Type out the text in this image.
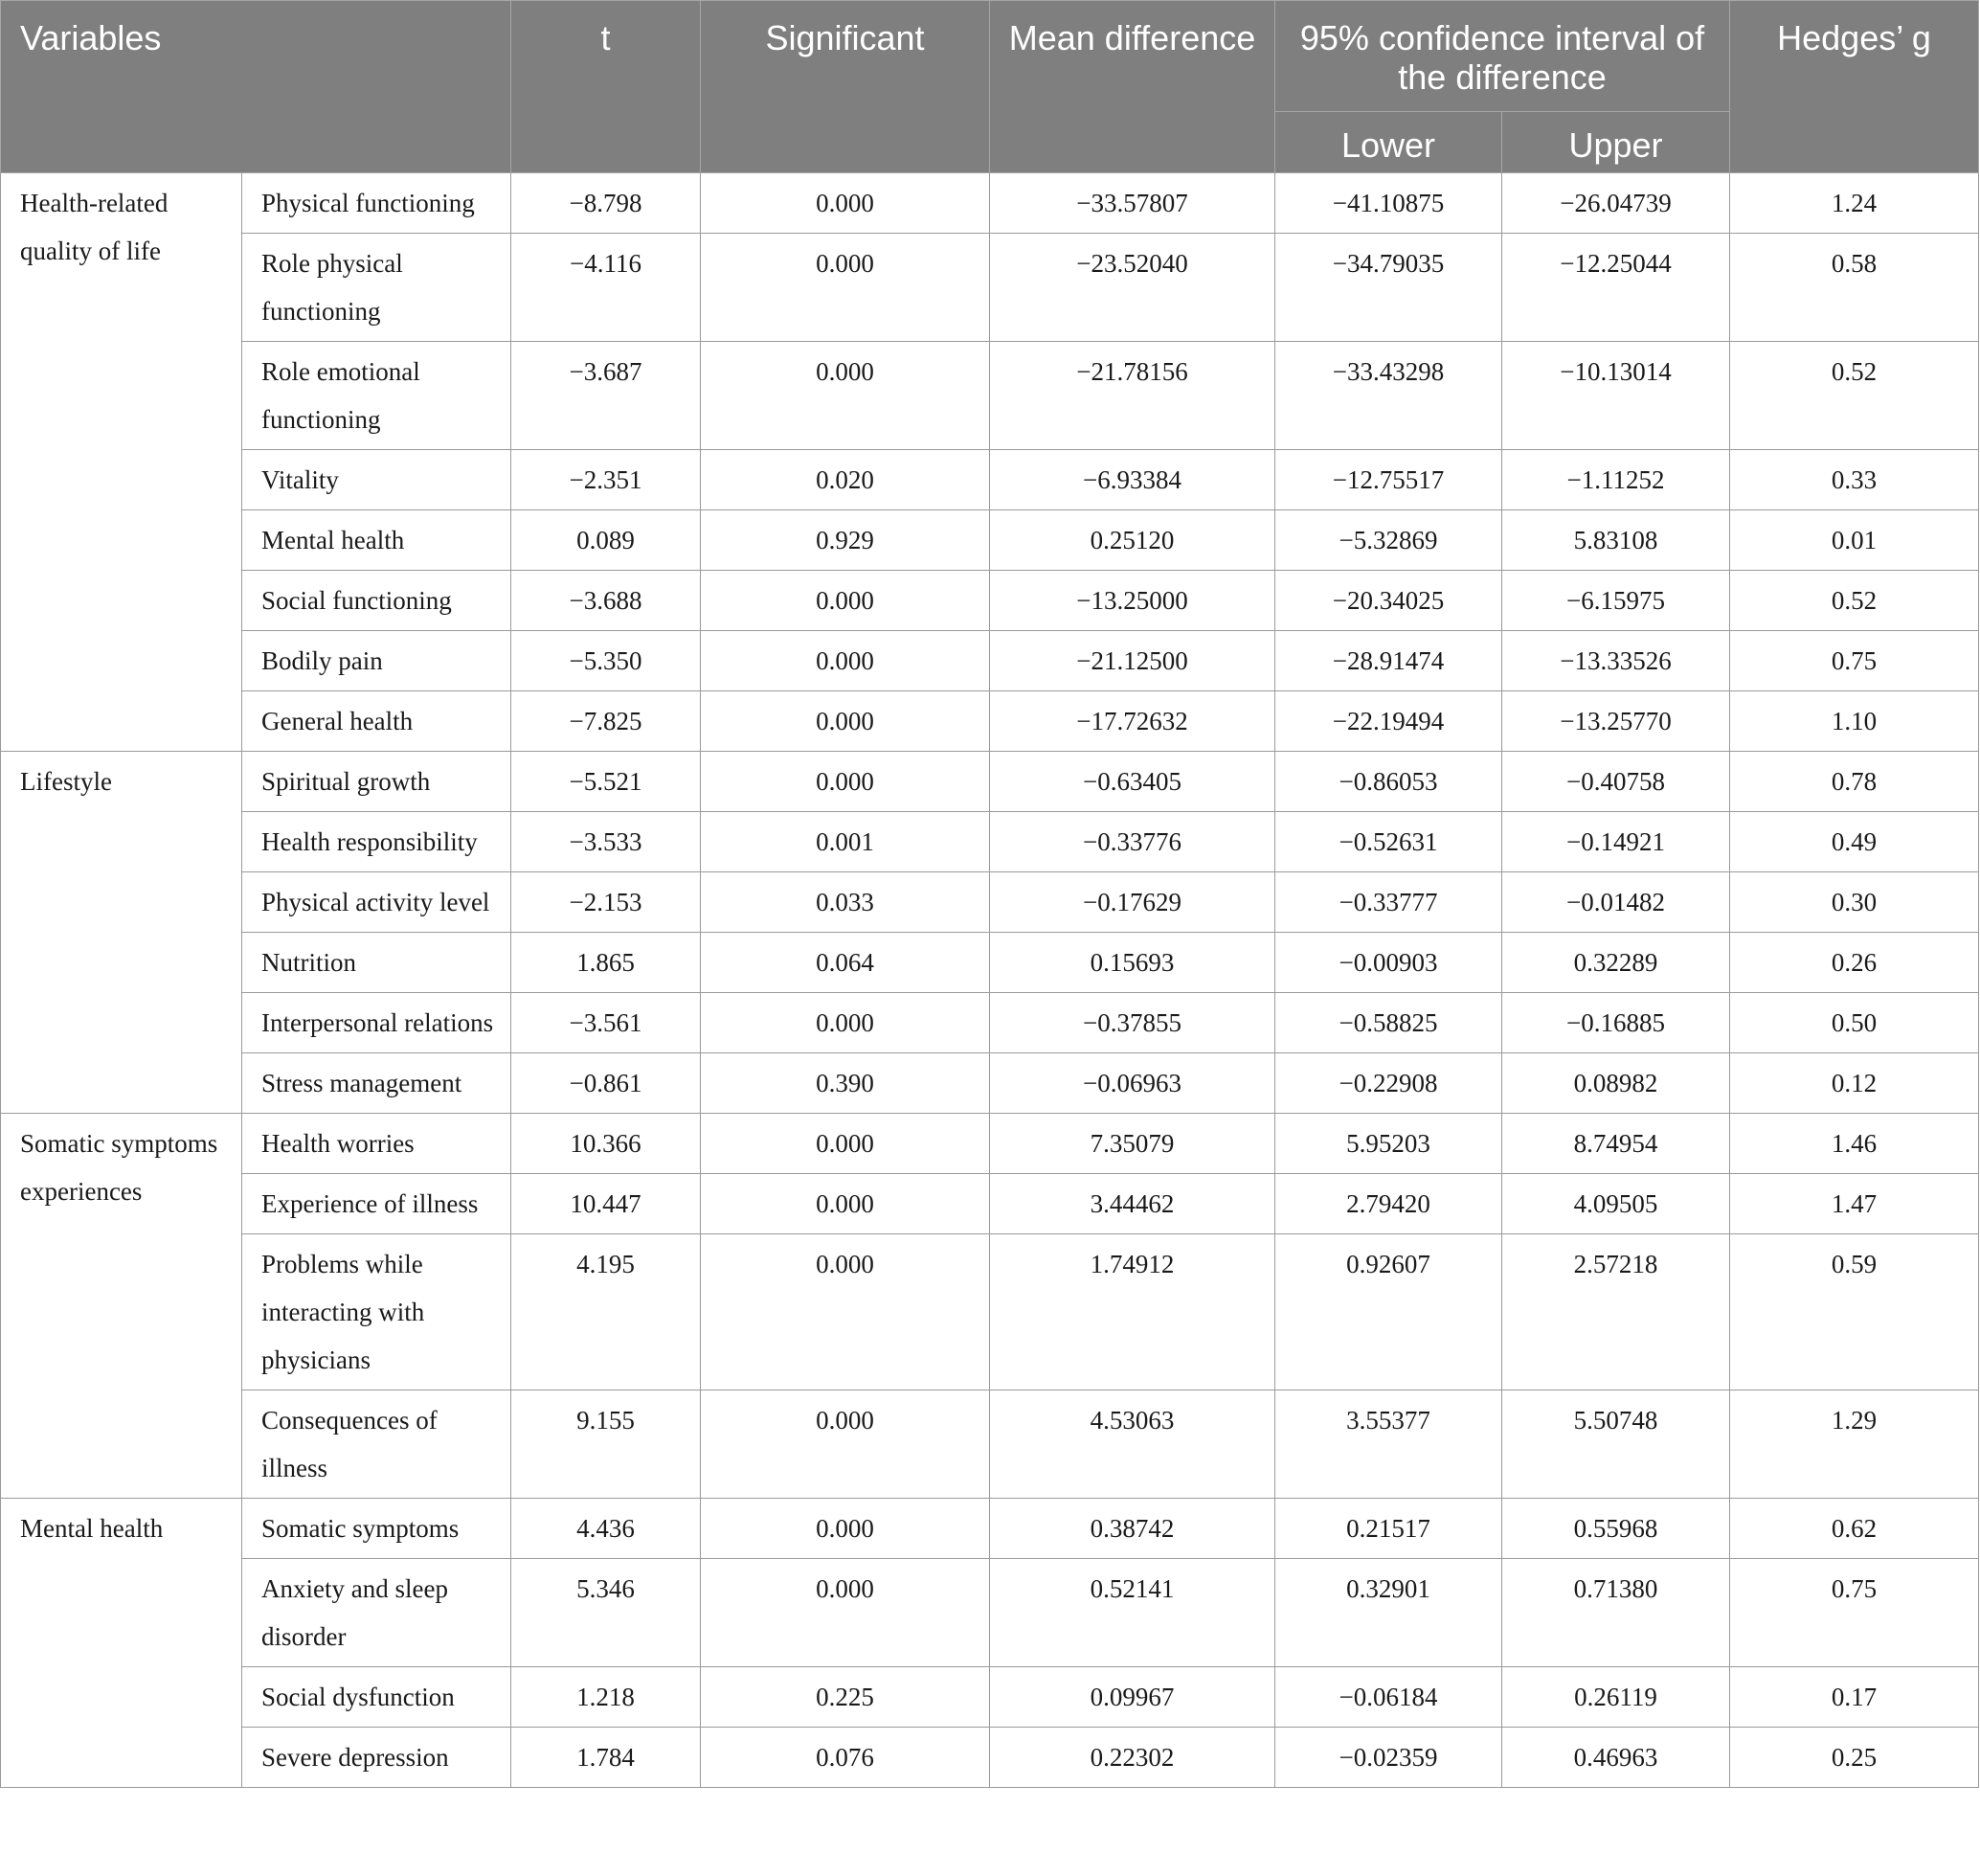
Variables		t	Significant	Mean difference	95% confidence interval of the difference		Hedges’ g
					Lower	Upper	
Health-related quality of life	Physical functioning	−8.798	0.000	−33.57807	−41.10875	−26.04739	1.24
	Role physical functioning	−4.116	0.000	−23.52040	−34.79035	−12.25044	0.58
	Role emotional functioning	−3.687	0.000	−21.78156	−33.43298	−10.13014	0.52
	Vitality	−2.351	0.020	−6.93384	−12.75517	−1.11252	0.33
	Mental health	0.089	0.929	0.25120	−5.32869	5.83108	0.01
	Social functioning	−3.688	0.000	−13.25000	−20.34025	−6.15975	0.52
	Bodily pain	−5.350	0.000	−21.12500	−28.91474	−13.33526	0.75
	General health	−7.825	0.000	−17.72632	−22.19494	−13.25770	1.10
Lifestyle	Spiritual growth	−5.521	0.000	−0.63405	−0.86053	−0.40758	0.78
	Health responsibility	−3.533	0.001	−0.33776	−0.52631	−0.14921	0.49
	Physical activity level	−2.153	0.033	−0.17629	−0.33777	−0.01482	0.30
	Nutrition	1.865	0.064	0.15693	−0.00903	0.32289	0.26
	Interpersonal relations	−3.561	0.000	−0.37855	−0.58825	−0.16885	0.50
	Stress management	−0.861	0.390	−0.06963	−0.22908	0.08982	0.12
Somatic symptoms experiences	Health worries	10.366	0.000	7.35079	5.95203	8.74954	1.46
	Experience of illness	10.447	0.000	3.44462	2.79420	4.09505	1.47
	Problems while interacting with physicians	4.195	0.000	1.74912	0.92607	2.57218	0.59
	Consequences of illness	9.155	0.000	4.53063	3.55377	5.50748	1.29
Mental health	Somatic symptoms	4.436	0.000	0.38742	0.21517	0.55968	0.62
	Anxiety and sleep disorder	5.346	0.000	0.52141	0.32901	0.71380	0.75
	Social dysfunction	1.218	0.225	0.09967	−0.06184	0.26119	0.17
	Severe depression	1.784	0.076	0.22302	−0.02359	0.46963	0.25
